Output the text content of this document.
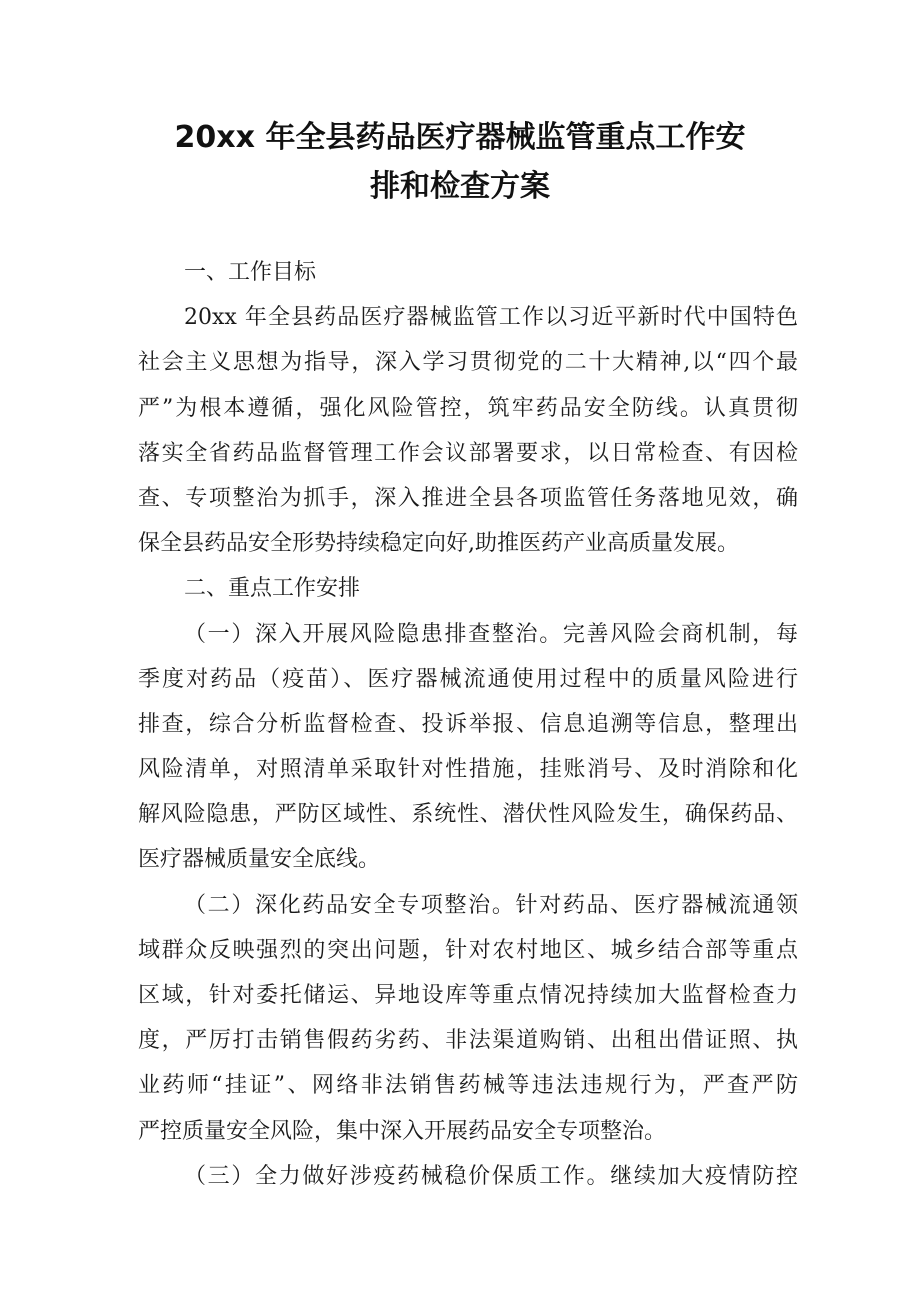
20xx 年全县药品医疗器械监管重点工作安
排和检查方案
一、工作目标
20xx 年全县药品医疗器械监管工作以习近平新时代中国特色
社会主义思想为指导，深入学习贯彻党的二十大精神,以“四个最
严”为根本遵循，强化风险管控，筑牢药品安全防线。认真贯彻
落实全省药品监督管理工作会议部署要求，以日常检查、有因检
查、专项整治为抓手，深入推进全县各项监管任务落地见效，确
保全县药品安全形势持续稳定向好,助推医药产业高质量发展。
二、重点工作安排
（一）深入开展风险隐患排查整治。完善风险会商机制，每
季度对药品（疫苗）、医疗器械流通使用过程中的质量风险进行
排查，综合分析监督检查、投诉举报、信息追溯等信息，整理出
风险清单，对照清单采取针对性措施，挂账消号、及时消除和化
解风险隐患，严防区域性、系统性、潜伏性风险发生，确保药品、
医疗器械质量安全底线。
（二）深化药品安全专项整治。针对药品、医疗器械流通领
域群众反映强烈的突出问题，针对农村地区、城乡结合部等重点
区域，针对委托储运、异地设库等重点情况持续加大监督检查力
度，严厉打击销售假药劣药、非法渠道购销、出租出借证照、执
业药师“挂证”、网络非法销售药械等违法违规行为，严查严防
严控质量安全风险，集中深入开展药品安全专项整治。
（三）全力做好涉疫药械稳价保质工作。继续加大疫情防控
